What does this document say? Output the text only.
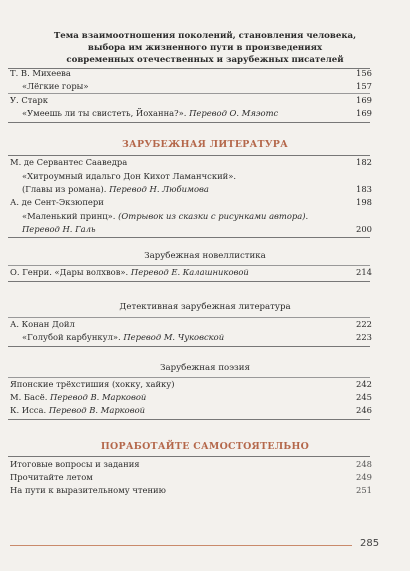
Тема взаимоотношения поколений, становления человека,
выбора им жизненного пути в произведениях
современных отечественных и зарубежных писателей
Т. В. Михеева	156
«Лёгкие горы»	157
У. Старк	169
«Умеешь ли ты свистеть, Йоханна?». Перевод О. Мяэотс	169
ЗАРУБЕЖНАЯ ЛИТЕРАТУРА
М. де Сервантес Сааведра	182
«Хитроумный идальго Дон Кихот Ламанчский».
(Главы из романа). Перевод Н. Любимова	183
А. де Сент-Экзюпери	198
«Маленький принц». (Отрывок из сказки с рисунками автора).
Перевод Н. Галь	200
Зарубежная новеллистика
О. Генри. «Дары волхвов». Перевод Е. Калашниковой	214
Детективная зарубежная литература
А. Конан Дойл	222
«Голубой карбункул». Перевод М. Чуковской	223
Зарубежная поэзия
Японские трёхстишия (хокку, хайку)	242
М. Басё. Перевод В. Марковой	245
К. Исса. Перевод В. Марковой	246
ПОРАБОТАЙТЕ САМОСТОЯТЕЛЬНО
Итоговые вопросы и задания	248
Прочитайте летом	249
На пути к выразительному чтению	251
285
